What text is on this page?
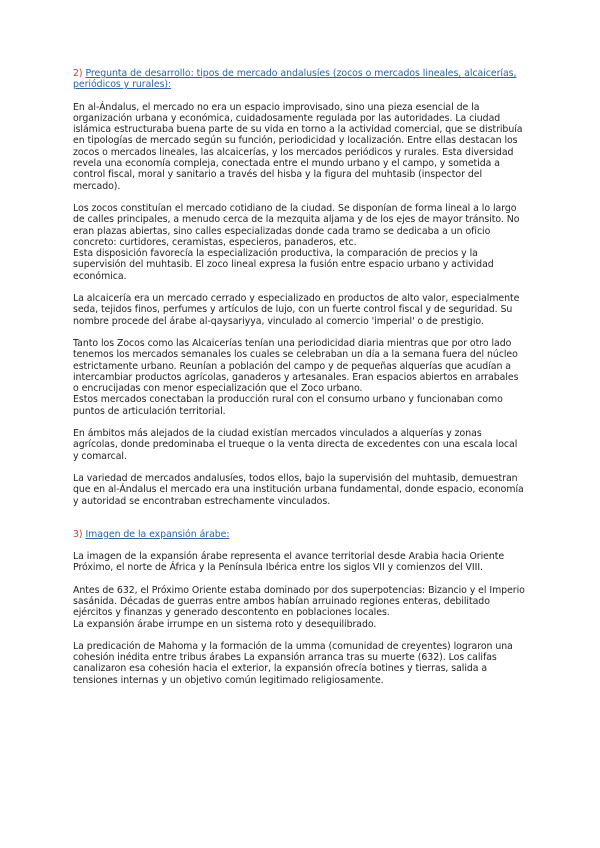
2) Pregunta de desarrollo: tipos de mercado andalusíes (zocos o mercados lineales, alcaicerías, periódicos y rurales):

En al-Ándalus, el mercado no era un espacio improvisado, sino una pieza esencial de la organización urbana y económica, cuidadosamente regulada por las autoridades. La ciudad islámica estructuraba buena parte de su vida en torno a la actividad comercial, que se distribuía en tipologías de mercado según su función, periodicidad y localización. Entre ellas destacan los zocos o mercados lineales, las alcaicerías, y los mercados periódicos y rurales. Esta diversidad revela una economía compleja, conectada entre el mundo urbano y el campo, y sometida a control fiscal, moral y sanitario a través del hisba y la figura del muhtasib (inspector del mercado).

Los zocos constituían el mercado cotidiano de la ciudad. Se disponían de forma lineal a lo largo de calles principales, a menudo cerca de la mezquita aljama y de los ejes de mayor tránsito. No eran plazas abiertas, sino calles especializadas donde cada tramo se dedicaba a un oficio concreto: curtidores, ceramistas, especieros, panaderos, etc.

Esta disposición favorecía la especialización productiva, la comparación de precios y la supervisión del muhtasib. El zoco lineal expresa la fusión entre espacio urbano y actividad económica.

La alcaicería era un mercado cerrado y especializado en productos de alto valor, especialmente seda, tejidos finos, perfumes y artículos de lujo, con un fuerte control fiscal y de seguridad. Su nombre procede del árabe al-qaysariyya, vinculado al comercio 'imperial' o de prestigio.

Tanto los Zocos como las Alcaicerías tenían una periodicidad diaria mientras que por otro lado tenemos los mercados semanales los cuales se celebraban un día a la semana fuera del núcleo estrictamente urbano. Reunían a población del campo y de pequeñas alquerías que acudían a intercambiar productos agrícolas, ganaderos y artesanales. Eran espacios abiertos en arrabales o encrucijadas con menor especialización que el Zoco urbano.

Estos mercados conectaban la producción rural con el consumo urbano y funcionaban como puntos de articulación territorial.

En ámbitos más alejados de la ciudad existían mercados vinculados a alquerías y zonas agrícolas, donde predominaba el trueque o la venta directa de excedentes con una escala local y comarcal.

La variedad de mercados andalusíes, todos ellos, bajo la supervisión del muhtasib, demuestran que en al-Ándalus el mercado era una institución urbana fundamental, donde espacio, economía y autoridad se encontraban estrechamente vinculados.

3) Imagen de la expansión árabe:

La imagen de la expansión árabe representa el avance territorial desde Arabia hacia Oriente Próximo, el norte de África y la Península Ibérica entre los siglos VII y comienzos del VIII.

Antes de 632, el Próximo Oriente estaba dominado por dos superpotencias: Bizancio y el Imperio sasánida. Décadas de guerras entre ambos habían arruinado regiones enteras, debilitado ejércitos y finanzas y generado descontento en poblaciones locales.

La expansión árabe irrumpe en un sistema roto y desequilibrado.

La predicación de Mahoma y la formación de la umma (comunidad de creyentes) lograron una cohesión inédita entre tribus árabes La expansión arranca tras su muerte (632). Los califas canalizaron esa cohesión hacia el exterior, la expansión ofrecía botines y tierras, salida a tensiones internas y un objetivo común legitimado religiosamente.
